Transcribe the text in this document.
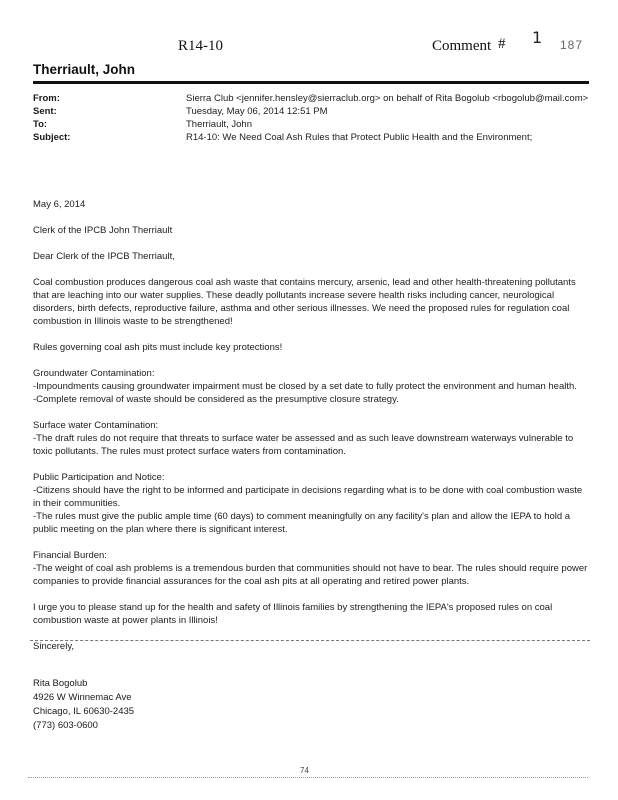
R14-10	Comment # 1 187
Therriault, John
From:	Sierra Club <jennifer.hensley@sierraclub.org> on behalf of Rita Bogolub <rbogolub@mail.com>
Sent:	Tuesday, May 06, 2014 12:51 PM
To:	Therriault, John
Subject:	R14-10: We Need Coal Ash Rules that Protect Public Health and the Environment;

May 6, 2014

Clerk of the IPCB John Therriault

Dear Clerk of the IPCB Therriault,

Coal combustion produces dangerous coal ash waste that contains mercury, arsenic, lead and other health-threatening pollutants that are leaching into our water supplies. These deadly pollutants increase severe health risks including cancer, neurological disorders, birth defects, reproductive failure, asthma and other serious illnesses. We need the proposed rules for regulation coal combustion in Illinois waste to be strengthened!

Rules governing coal ash pits must include key protections!

Groundwater Contamination:
-Impoundments causing groundwater impairment must be closed by a set date to fully protect the environment and human health.
-Complete removal of waste should be considered as the presumptive closure strategy.
Surface water Contamination:
-The draft rules do not require that threats to surface water be assessed and as such leave downstream waterways vulnerable to toxic pollutants. The rules must protect surface waters from contamination.
Public Participation and Notice:
-Citizens should have the right to be informed and participate in decisions regarding what is to be done with coal combustion waste in their communities.
-The rules must give the public ample time (60 days) to comment meaningfully on any facility's plan and allow the IEPA to hold a public meeting on the plan where there is significant interest.
Financial Burden:
-The weight of coal ash problems is a tremendous burden that communities should not have to bear. The rules should require power companies to provide financial assurances for the coal ash pits at all operating and retired power plants.

I urge you to please stand up for the health and safety of Illinois families by strengthening the IEPA's proposed rules on coal combustion waste at power plants in Illinois!

Sincerely,

Rita Bogolub
4926 W Winnemac Ave
Chicago, IL 60630-2435
(773) 603-0600
74
